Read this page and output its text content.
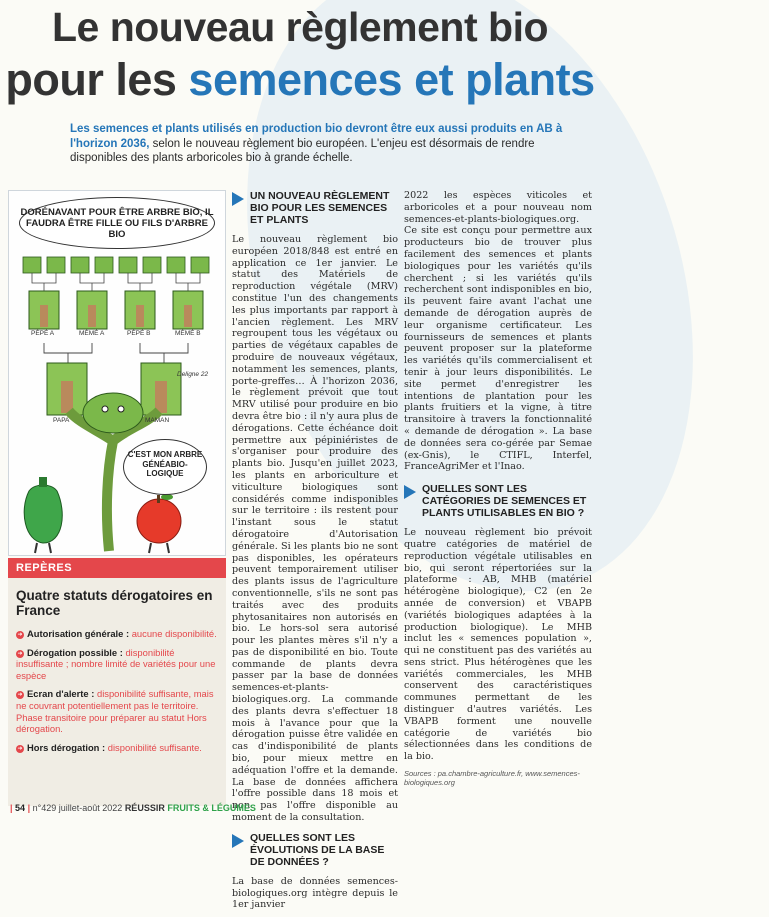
Le nouveau règlement bio
pour les semences et plants

Les semences et plants utilisés en production bio devront être eux aussi produits en AB à l'horizon 2036, selon le nouveau règlement bio européen. L'enjeu est désormais de rendre disponibles des plants arboricoles bio à grande échelle.

DORÉNAVANT POUR ÊTRE ARBRE BIO, IL FAUDRA ÊTRE FILLE OU FILS D'ARBRE BIO
PÉPÉ A	MÉMÉ A	PÉPÉ B	MÉMÉ B
PAPA	MAMAN
Deligne 22
C'EST MON ARBRE GÉNÉABIO-LOGIQUE
REPÈRES
Quatre statuts dérogatoires en France
➜ Autorisation générale : aucune disponibilité.
➜ Dérogation possible : disponibilité insuffisante ; nombre limité de variétés pour une espèce
➜ Ecran d'alerte : disponibilité suffisante, mais ne couvrant potentiellement pas le territoire. Phase transitoire pour préparer au statut Hors dérogation.
➜ Hors dérogation : disponibilité suffisante.
UN NOUVEAU RÈGLEMENT BIO POUR LES SEMENCES ET PLANTS

Le nouveau règlement bio européen 2018/848 est entré en application ce 1er janvier. Le statut des Matériels de reproduction végétale (MRV) constitue l'un des changements les plus importants par rapport à l'ancien règlement. Les MRV regroupent tous les végétaux ou parties de végétaux capables de produire de nouveaux végétaux, notamment les semences, plants, porte-greffes… À l'horizon 2036, le règlement prévoit que tout MRV utilisé pour produire en bio devra être bio : il n'y aura plus de dérogations. Cette échéance doit permettre aux pépiniéristes de s'organiser pour produire des plants bio. Jusqu'en juillet 2023, les plants en arboriculture et viticulture biologiques sont considérés comme indisponibles sur le territoire : ils restent pour l'instant sous le statut dérogatoire d'Autorisation générale. Si les plants bio ne sont pas disponibles, les opérateurs peuvent temporairement utiliser des plants issus de l'agriculture conventionnelle, s'ils ne sont pas traités avec des produits phytosanitaires non autorisés en bio. Le hors-sol sera autorisé pour les plantes mères s'il n'y a pas de disponibilité en bio. Toute commande de plants devra passer par la base de données semences-et-plants-biologiques.org. La commande des plants devra s'effectuer 18 mois à l'avance pour que la dérogation puisse être validée en cas d'indisponibilité de plants bio, pour mieux mettre en adéquation l'offre et la demande. La base de données affichera l'offre possible dans 18 mois et non pas l'offre disponible au moment de la consultation.

QUELLES SONT LES ÉVOLUTIONS DE LA BASE DE DONNÉES ?

La base de données semences-biologiques.org intègre depuis le 1er janvier

2022 les espèces viticoles et arboricoles et a pour nouveau nom semences-et-plants-biologiques.org. Ce site est conçu pour permettre aux producteurs bio de trouver plus facilement des semences et plants biologiques pour les variétés qu'ils cherchent ; si les variétés qu'ils recherchent sont indisponibles en bio, ils peuvent faire avant l'achat une demande de dérogation auprès de leur organisme certificateur. Les fournisseurs de semences et plants peuvent proposer sur la plateforme les variétés qu'ils commercialisent et tenir à jour leurs disponibilités. Le site permet d'enregistrer les intentions de plantation pour les plants fruitiers et la vigne, à titre transitoire à travers la fonctionnalité « demande de dérogation ». La base de données sera co-gérée par Semae (ex-Gnis), le CTIFL, Interfel, FranceAgriMer et l'Inao.

QUELLES SONT LES CATÉGORIES DE SEMENCES ET PLANTS UTILISABLES EN BIO ?

Le nouveau règlement bio prévoit quatre catégories de matériel de reproduction végétale utilisables en bio, qui seront répertoriées sur la plateforme : AB, MHB (matériel hétérogène biologique), C2 (en 2e année de conversion) et VBAPB (variétés biologiques adaptées à la production biologique). Le MHB inclut les « semences population », qui ne constituent pas des variétés au sens strict. Plus hétérogènes que les variétés commerciales, les MHB conservent des caractéristiques communes permettant de les distinguer d'autres variétés. Les VBAPB forment une nouvelle catégorie de variétés bio sélectionnées dans les conditions de la bio.

Sources : pa.chambre-agriculture.fr, www.semences-biologiques.org
| 54 | n°429 juillet-août 2022 RÉUSSIR FRUITS & LÉGUMES
